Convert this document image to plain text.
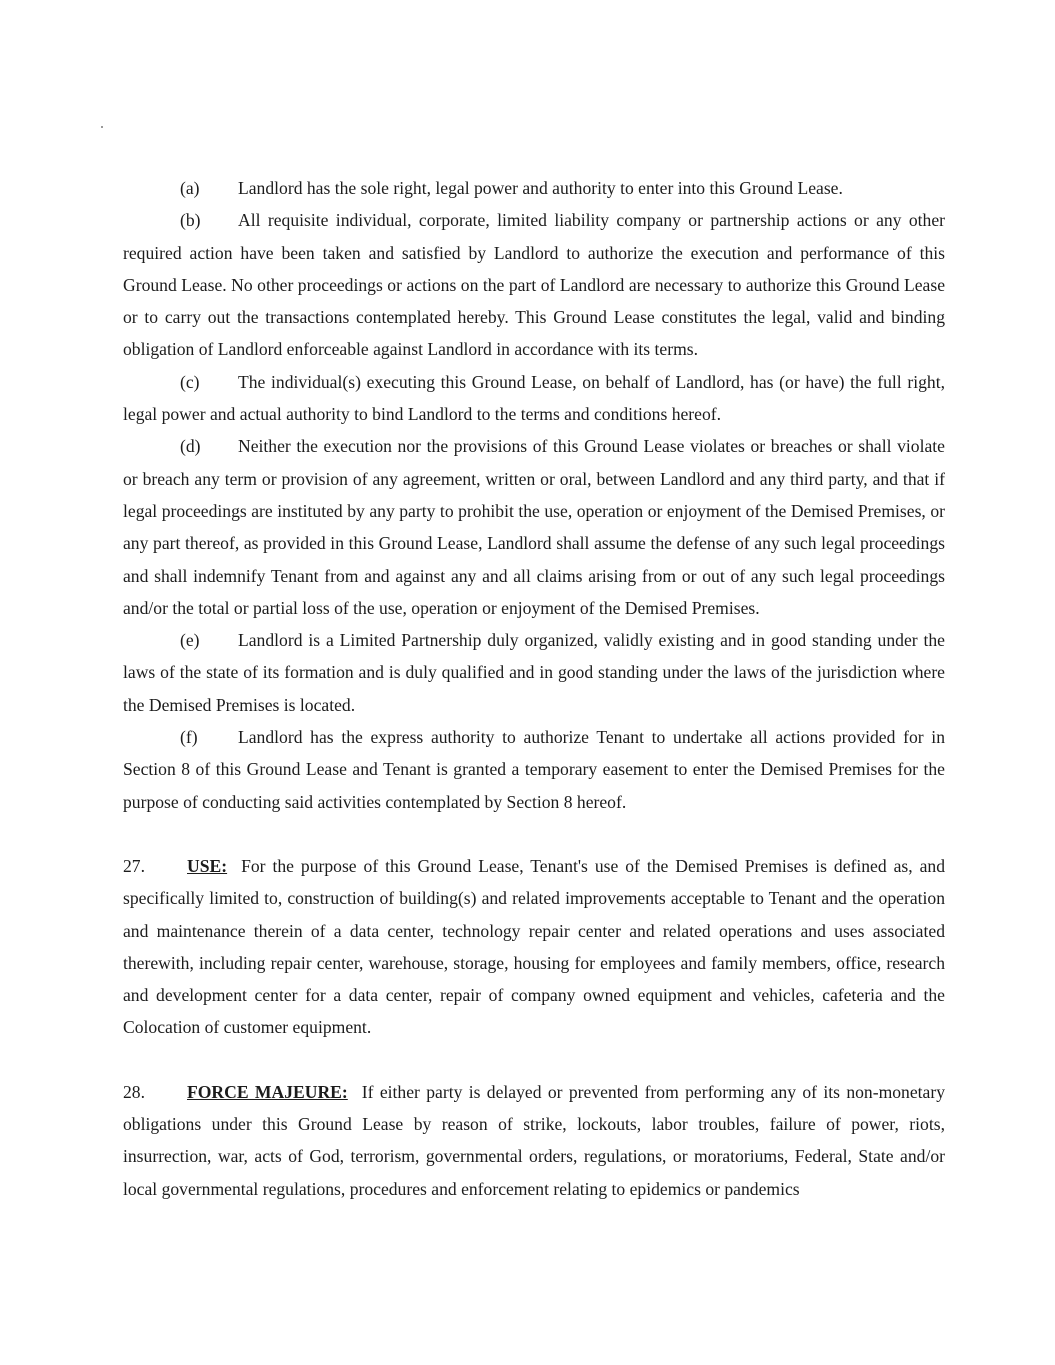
(a) Landlord has the sole right, legal power and authority to enter into this Ground Lease.

(b) All requisite individual, corporate, limited liability company or partnership actions or any other required action have been taken and satisfied by Landlord to authorize the execution and performance of this Ground Lease. No other proceedings or actions on the part of Landlord are necessary to authorize this Ground Lease or to carry out the transactions contemplated hereby. This Ground Lease constitutes the legal, valid and binding obligation of Landlord enforceable against Landlord in accordance with its terms.

(c) The individual(s) executing this Ground Lease, on behalf of Landlord, has (or have) the full right, legal power and actual authority to bind Landlord to the terms and conditions hereof.

(d) Neither the execution nor the provisions of this Ground Lease violates or breaches or shall violate or breach any term or provision of any agreement, written or oral, between Landlord and any third party, and that if legal proceedings are instituted by any party to prohibit the use, operation or enjoyment of the Demised Premises, or any part thereof, as provided in this Ground Lease, Landlord shall assume the defense of any such legal proceedings and shall indemnify Tenant from and against any and all claims arising from or out of any such legal proceedings and/or the total or partial loss of the use, operation or enjoyment of the Demised Premises.

(e) Landlord is a Limited Partnership duly organized, validly existing and in good standing under the laws of the state of its formation and is duly qualified and in good standing under the laws of the jurisdiction where the Demised Premises is located.

(f) Landlord has the express authority to authorize Tenant to undertake all actions provided for in Section 8 of this Ground Lease and Tenant is granted a temporary easement to enter the Demised Premises for the purpose of conducting said activities contemplated by Section 8 hereof.

27. USE: For the purpose of this Ground Lease, Tenant's use of the Demised Premises is defined as, and specifically limited to, construction of building(s) and related improvements acceptable to Tenant and the operation and maintenance therein of a data center, technology repair center and related operations and uses associated therewith, including repair center, warehouse, storage, housing for employees and family members, office, research and development center for a data center, repair of company owned equipment and vehicles, cafeteria and the Colocation of customer equipment.

28. FORCE MAJEURE: If either party is delayed or prevented from performing any of its non-monetary obligations under this Ground Lease by reason of strike, lockouts, labor troubles, failure of power, riots, insurrection, war, acts of God, terrorism, governmental orders, regulations, or moratoriums, Federal, State and/or local governmental regulations, procedures and enforcement relating to epidemics or pandemics
